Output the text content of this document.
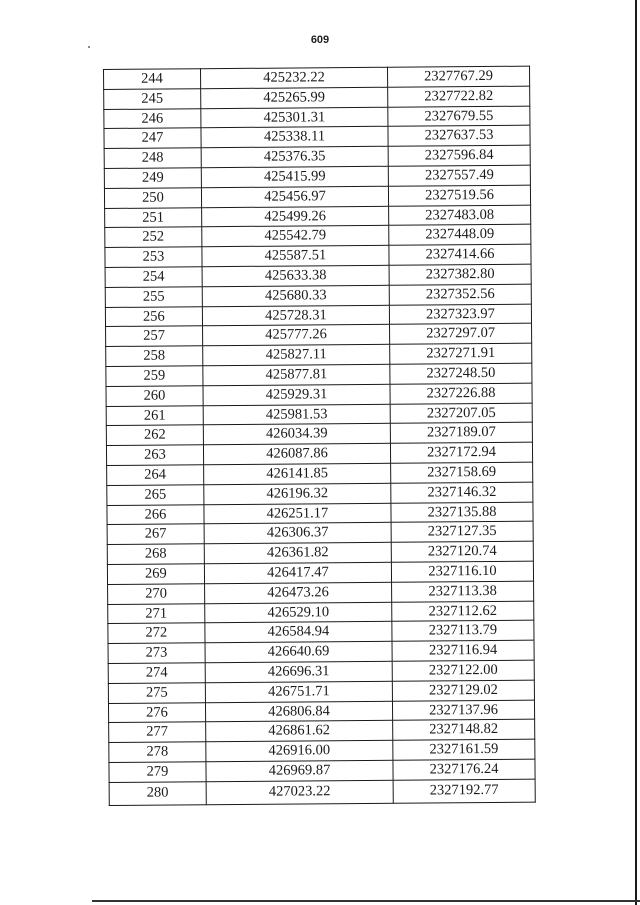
609
244	425232.22	2327767.29
245	425265.99	2327722.82
246	425301.31	2327679.55
247	425338.11	2327637.53
248	425376.35	2327596.84
249	425415.99	2327557.49
250	425456.97	2327519.56
251	425499.26	2327483.08
252	425542.79	2327448.09
253	425587.51	2327414.66
254	425633.38	2327382.80
255	425680.33	2327352.56
256	425728.31	2327323.97
257	425777.26	2327297.07
258	425827.11	2327271.91
259	425877.81	2327248.50
260	425929.31	2327226.88
261	425981.53	2327207.05
262	426034.39	2327189.07
263	426087.86	2327172.94
264	426141.85	2327158.69
265	426196.32	2327146.32
266	426251.17	2327135.88
267	426306.37	2327127.35
268	426361.82	2327120.74
269	426417.47	2327116.10
270	426473.26	2327113.38
271	426529.10	2327112.62
272	426584.94	2327113.79
273	426640.69	2327116.94
274	426696.31	2327122.00
275	426751.71	2327129.02
276	426806.84	2327137.96
277	426861.62	2327148.82
278	426916.00	2327161.59
279	426969.87	2327176.24
280	427023.22	2327192.77
